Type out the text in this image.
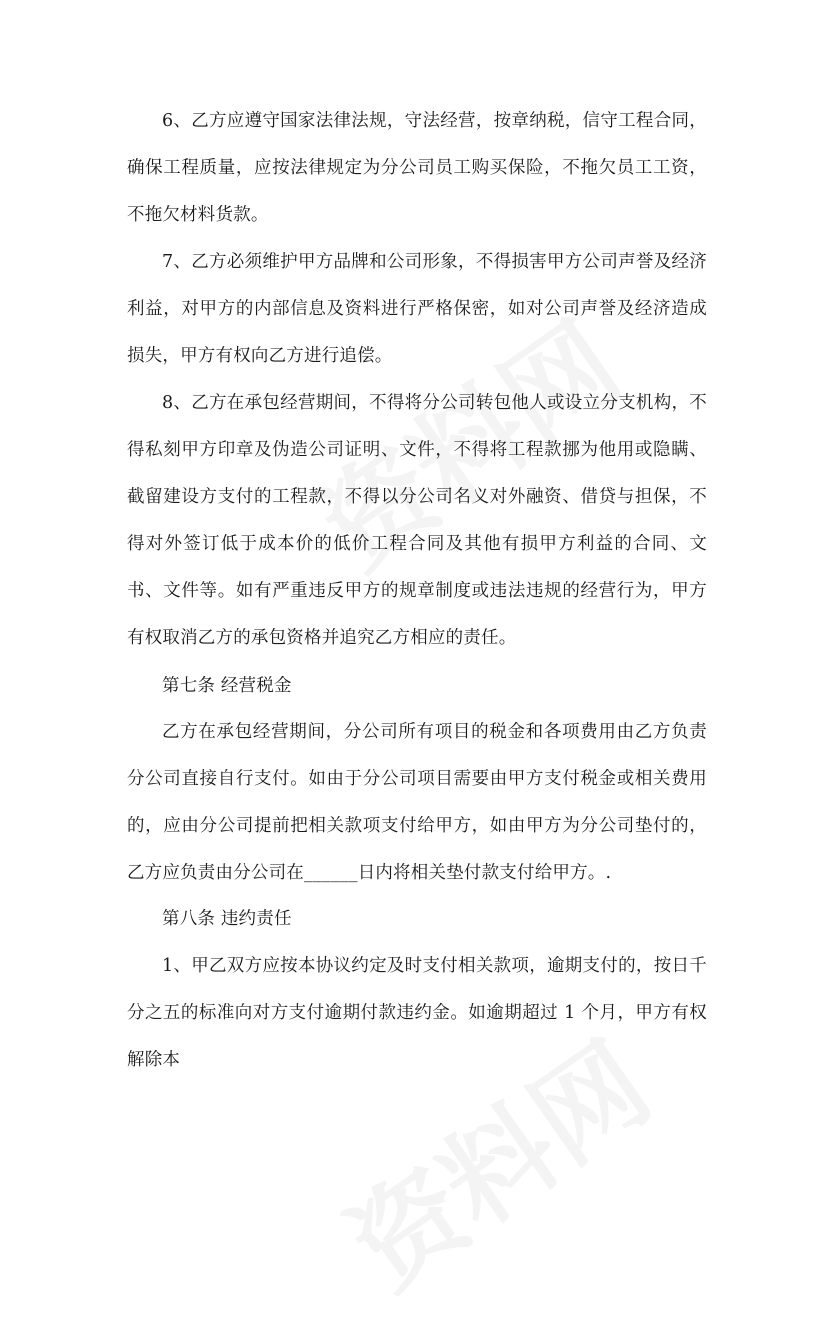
6、乙方应遵守国家法律法规，守法经营，按章纳税，信守工程合同，确保工程质量，应按法律规定为分公司员工购买保险，不拖欠员工工资，不拖欠材料货款。

7、乙方必须维护甲方品牌和公司形象，不得损害甲方公司声誉及经济利益，对甲方的内部信息及资料进行严格保密，如对公司声誉及经济造成损失，甲方有权向乙方进行追偿。

8、乙方在承包经营期间，不得将分公司转包他人或设立分支机构，不得私刻甲方印章及伪造公司证明、文件，不得将工程款挪为他用或隐瞒、截留建设方支付的工程款，不得以分公司名义对外融资、借贷与担保，不得对外签订低于成本价的低价工程合同及其他有损甲方利益的合同、文书、文件等。如有严重违反甲方的规章制度或违法违规的经营行为，甲方有权取消乙方的承包资格并追究乙方相应的责任。

第七条 经营税金

乙方在承包经营期间，分公司所有项目的税金和各项费用由乙方负责分公司直接自行支付。如由于分公司项目需要由甲方支付税金或相关费用的，应由分公司提前把相关款项支付给甲方，如由甲方为分公司垫付的，乙方应负责由分公司在______日内将相关垫付款支付给甲方。.

第八条 违约责任

1、甲乙双方应按本协议约定及时支付相关款项，逾期支付的，按日千分之五的标准向对方支付逾期付款违约金。如逾期超过 1 个月，甲方有权解除本
